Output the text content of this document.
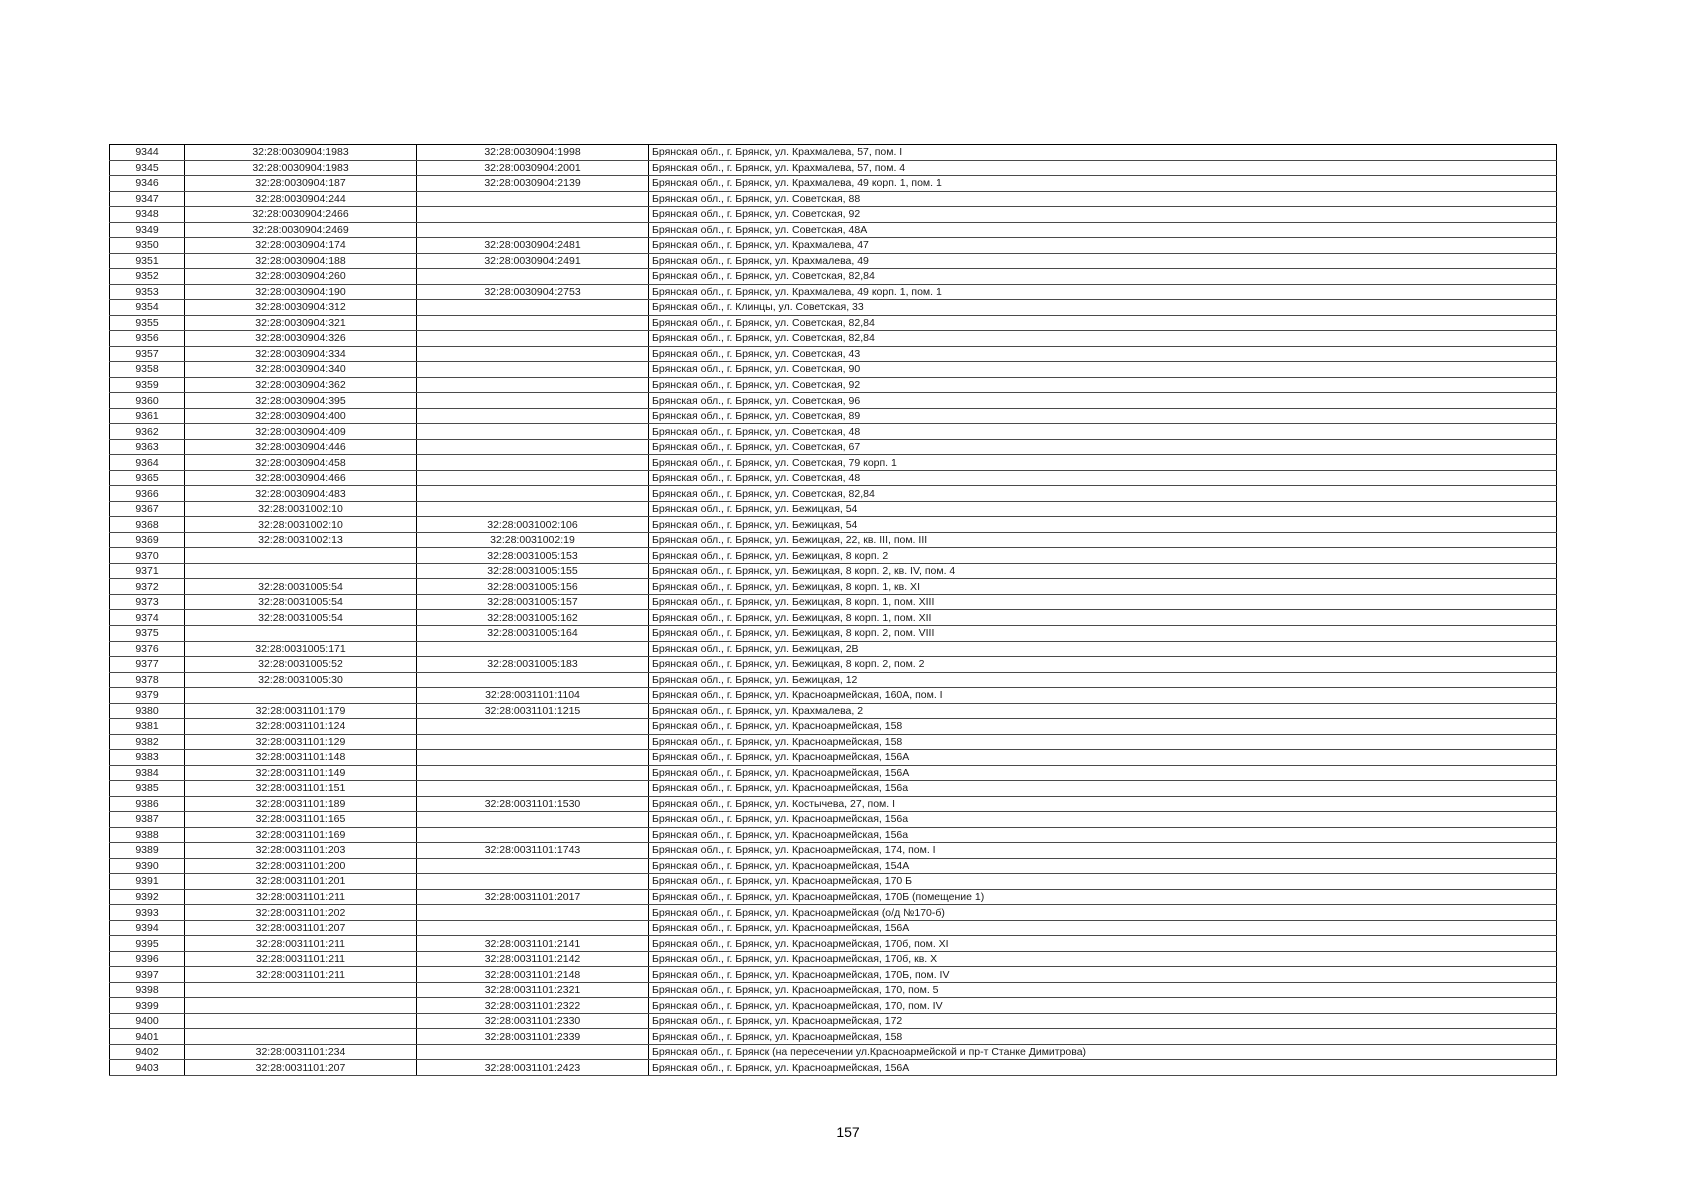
9344	32:28:0030904:1983	32:28:0030904:1998	Брянская обл., г. Брянск, ул. Крахмалева, 57, пом. I
9345	32:28:0030904:1983	32:28:0030904:2001	Брянская обл., г. Брянск, ул. Крахмалева, 57, пом. 4
9346	32:28:0030904:187	32:28:0030904:2139	Брянская обл., г. Брянск, ул. Крахмалева, 49 корп. 1, пом. 1
9347	32:28:0030904:244		Брянская обл., г. Брянск, ул. Советская, 88
9348	32:28:0030904:2466		Брянская обл., г. Брянск, ул. Советская, 92
9349	32:28:0030904:2469		Брянская обл., г. Брянск, ул. Советская, 48А
9350	32:28:0030904:174	32:28:0030904:2481	Брянская обл., г. Брянск, ул. Крахмалева, 47
9351	32:28:0030904:188	32:28:0030904:2491	Брянская обл., г. Брянск, ул. Крахмалева, 49
9352	32:28:0030904:260		Брянская обл., г. Брянск, ул. Советская, 82,84
9353	32:28:0030904:190	32:28:0030904:2753	Брянская обл., г. Брянск, ул. Крахмалева, 49 корп. 1, пом. 1
9354	32:28:0030904:312		Брянская обл., г. Клинцы, ул. Советская, 33
9355	32:28:0030904:321		Брянская обл., г. Брянск, ул. Советская, 82,84
9356	32:28:0030904:326		Брянская обл., г. Брянск, ул. Советская, 82,84
9357	32:28:0030904:334		Брянская обл., г. Брянск, ул. Советская, 43
9358	32:28:0030904:340		Брянская обл., г. Брянск, ул. Советская, 90
9359	32:28:0030904:362		Брянская обл., г. Брянск, ул. Советская, 92
9360	32:28:0030904:395		Брянская обл., г. Брянск, ул. Советская, 96
9361	32:28:0030904:400		Брянская обл., г. Брянск, ул. Советская, 89
9362	32:28:0030904:409		Брянская обл., г. Брянск, ул. Советская, 48
9363	32:28:0030904:446		Брянская обл., г. Брянск, ул. Советская, 67
9364	32:28:0030904:458		Брянская обл., г. Брянск, ул. Советская, 79 корп. 1
9365	32:28:0030904:466		Брянская обл., г. Брянск, ул. Советская, 48
9366	32:28:0030904:483		Брянская обл., г. Брянск, ул. Советская, 82,84
9367	32:28:0031002:10		Брянская обл., г. Брянск, ул. Бежицкая, 54
9368	32:28:0031002:10	32:28:0031002:106	Брянская обл., г. Брянск, ул. Бежицкая, 54
9369	32:28:0031002:13	32:28:0031002:19	Брянская обл., г. Брянск, ул. Бежицкая, 22, кв. III, пом. III
9370		32:28:0031005:153	Брянская обл., г. Брянск, ул. Бежицкая, 8 корп. 2
9371		32:28:0031005:155	Брянская обл., г. Брянск, ул. Бежицкая, 8 корп. 2, кв. IV, пом. 4
9372	32:28:0031005:54	32:28:0031005:156	Брянская обл., г. Брянск, ул. Бежицкая, 8 корп. 1, кв. XI
9373	32:28:0031005:54	32:28:0031005:157	Брянская обл., г. Брянск, ул. Бежицкая, 8 корп. 1, пом. XIII
9374	32:28:0031005:54	32:28:0031005:162	Брянская обл., г. Брянск, ул. Бежицкая, 8 корп. 1, пом. XII
9375		32:28:0031005:164	Брянская обл., г. Брянск, ул. Бежицкая, 8 корп. 2, пом. VIII
9376	32:28:0031005:171		Брянская обл., г. Брянск, ул. Бежицкая, 2В
9377	32:28:0031005:52	32:28:0031005:183	Брянская обл., г. Брянск, ул. Бежицкая, 8 корп. 2, пом. 2
9378	32:28:0031005:30		Брянская обл., г. Брянск, ул. Бежицкая, 12
9379		32:28:0031101:1104	Брянская обл., г. Брянск, ул. Красноармейская, 160А, пом. I
9380	32:28:0031101:179	32:28:0031101:1215	Брянская обл., г. Брянск, ул. Крахмалева, 2
9381	32:28:0031101:124		Брянская обл., г. Брянск, ул. Красноармейская, 158
9382	32:28:0031101:129		Брянская обл., г. Брянск, ул. Красноармейская, 158
9383	32:28:0031101:148		Брянская обл., г. Брянск, ул. Красноармейская, 156А
9384	32:28:0031101:149		Брянская обл., г. Брянск, ул. Красноармейская, 156А
9385	32:28:0031101:151		Брянская обл., г. Брянск, ул. Красноармейская, 156а
9386	32:28:0031101:189	32:28:0031101:1530	Брянская обл., г. Брянск, ул. Костычева, 27, пом. I
9387	32:28:0031101:165		Брянская обл., г. Брянск, ул. Красноармейская, 156а
9388	32:28:0031101:169		Брянская обл., г. Брянск, ул. Красноармейская, 156а
9389	32:28:0031101:203	32:28:0031101:1743	Брянская обл., г. Брянск, ул. Красноармейская, 174, пом. I
9390	32:28:0031101:200		Брянская обл., г. Брянск, ул. Красноармейская, 154А
9391	32:28:0031101:201		Брянская обл., г. Брянск, ул. Красноармейская, 170 Б
9392	32:28:0031101:211	32:28:0031101:2017	Брянская обл., г. Брянск, ул. Красноармейская, 170Б (помещение 1)
9393	32:28:0031101:202		Брянская обл., г. Брянск, ул. Красноармейская (о/д №170-б)
9394	32:28:0031101:207		Брянская обл., г. Брянск, ул. Красноармейская, 156А
9395	32:28:0031101:211	32:28:0031101:2141	Брянская обл., г. Брянск, ул. Красноармейская, 170б, пом. XI
9396	32:28:0031101:211	32:28:0031101:2142	Брянская обл., г. Брянск, ул. Красноармейская, 170б, кв. X
9397	32:28:0031101:211	32:28:0031101:2148	Брянская обл., г. Брянск, ул. Красноармейская, 170Б, пом. IV
9398		32:28:0031101:2321	Брянская обл., г. Брянск, ул. Красноармейская, 170, пом. 5
9399		32:28:0031101:2322	Брянская обл., г. Брянск, ул. Красноармейская, 170, пом. IV
9400		32:28:0031101:2330	Брянская обл., г. Брянск, ул. Красноармейская, 172
9401		32:28:0031101:2339	Брянская обл., г. Брянск, ул. Красноармейская, 158
9402	32:28:0031101:234		Брянская обл., г. Брянск (на пересечении ул.Красноармейской и пр-т Станке Димитрова)
9403	32:28:0031101:207	32:28:0031101:2423	Брянская обл., г. Брянск, ул. Красноармейская, 156А
157
